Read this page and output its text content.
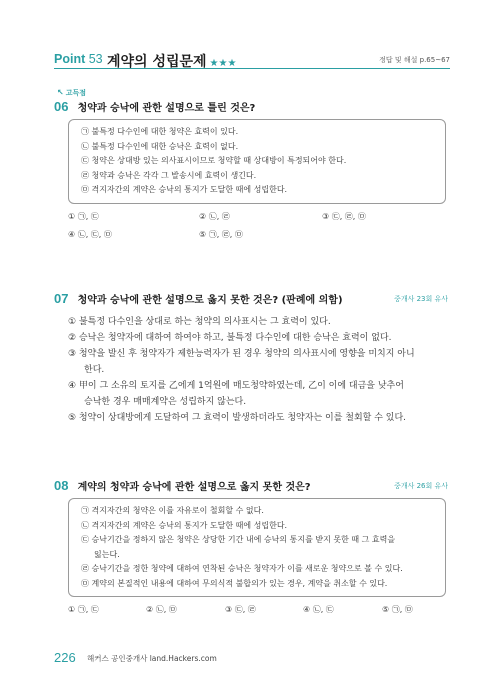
Point 53 계약의 성립문제 ★★★	정답 및 해설 p.65~67
↖ 고득점
06 청약과 승낙에 관한 설명으로 틀린 것은?
㉠ 불특정 다수인에 대한 청약은 효력이 있다.
㉡ 불특정 다수인에 대한 승낙은 효력이 없다.
㉢ 청약은 상대방 있는 의사표시이므로 청약할 때 상대방이 특정되어야 한다.
㉣ 청약과 승낙은 각각 그 발송시에 효력이 생긴다.
㉤ 격지자간의 계약은 승낙의 통지가 도달한 때에 성립한다.
① ㉠, ㉢	② ㉡, ㉣	③ ㉢, ㉣, ㉤
④ ㉡, ㉢, ㉤	⑤ ㉠, ㉣, ㉤
07 청약과 승낙에 관한 설명으로 옳지 못한 것은? (판례에 의함)	중개사 23회 유사
① 불특정 다수인을 상대로 하는 청약의 의사표시는 그 효력이 있다.
② 승낙은 청약자에 대하여 하여야 하고, 불특정 다수인에 대한 승낙은 효력이 없다.
③ 청약을 발신 후 청약자가 제한능력자가 된 경우 청약의 의사표시에 영향을 미치지 아니
한다.
④ 甲이 그 소유의 토지를 乙에게 1억원에 매도청약하였는데, 乙이 이에 대금을 낮추어
승낙한 경우 매매계약은 성립하지 않는다.
⑤ 청약이 상대방에게 도달하여 그 효력이 발생하더라도 청약자는 이를 철회할 수 있다.
08 계약의 청약과 승낙에 관한 설명으로 옳지 못한 것은?	중개사 26회 유사
㉠ 격지자간의 청약은 이를 자유로이 철회할 수 없다.
㉡ 격지자간의 계약은 승낙의 통지가 도달한 때에 성립한다.
㉢ 승낙기간을 정하지 않은 청약은 상당한 기간 내에 승낙의 통지를 받지 못한 때 그 효력을
잃는다.
㉣ 승낙기간을 정한 청약에 대하여 연착된 승낙은 청약자가 이를 새로운 청약으로 볼 수 있다.
㉤ 계약의 본질적인 내용에 대하여 무의식적 불합의가 있는 경우, 계약을 취소할 수 있다.
① ㉠, ㉢	② ㉡, ㉤	③ ㉢, ㉣	④ ㉡, ㉢	⑤ ㉠, ㉤
226 해커스 공인중개사 land.Hackers.com
